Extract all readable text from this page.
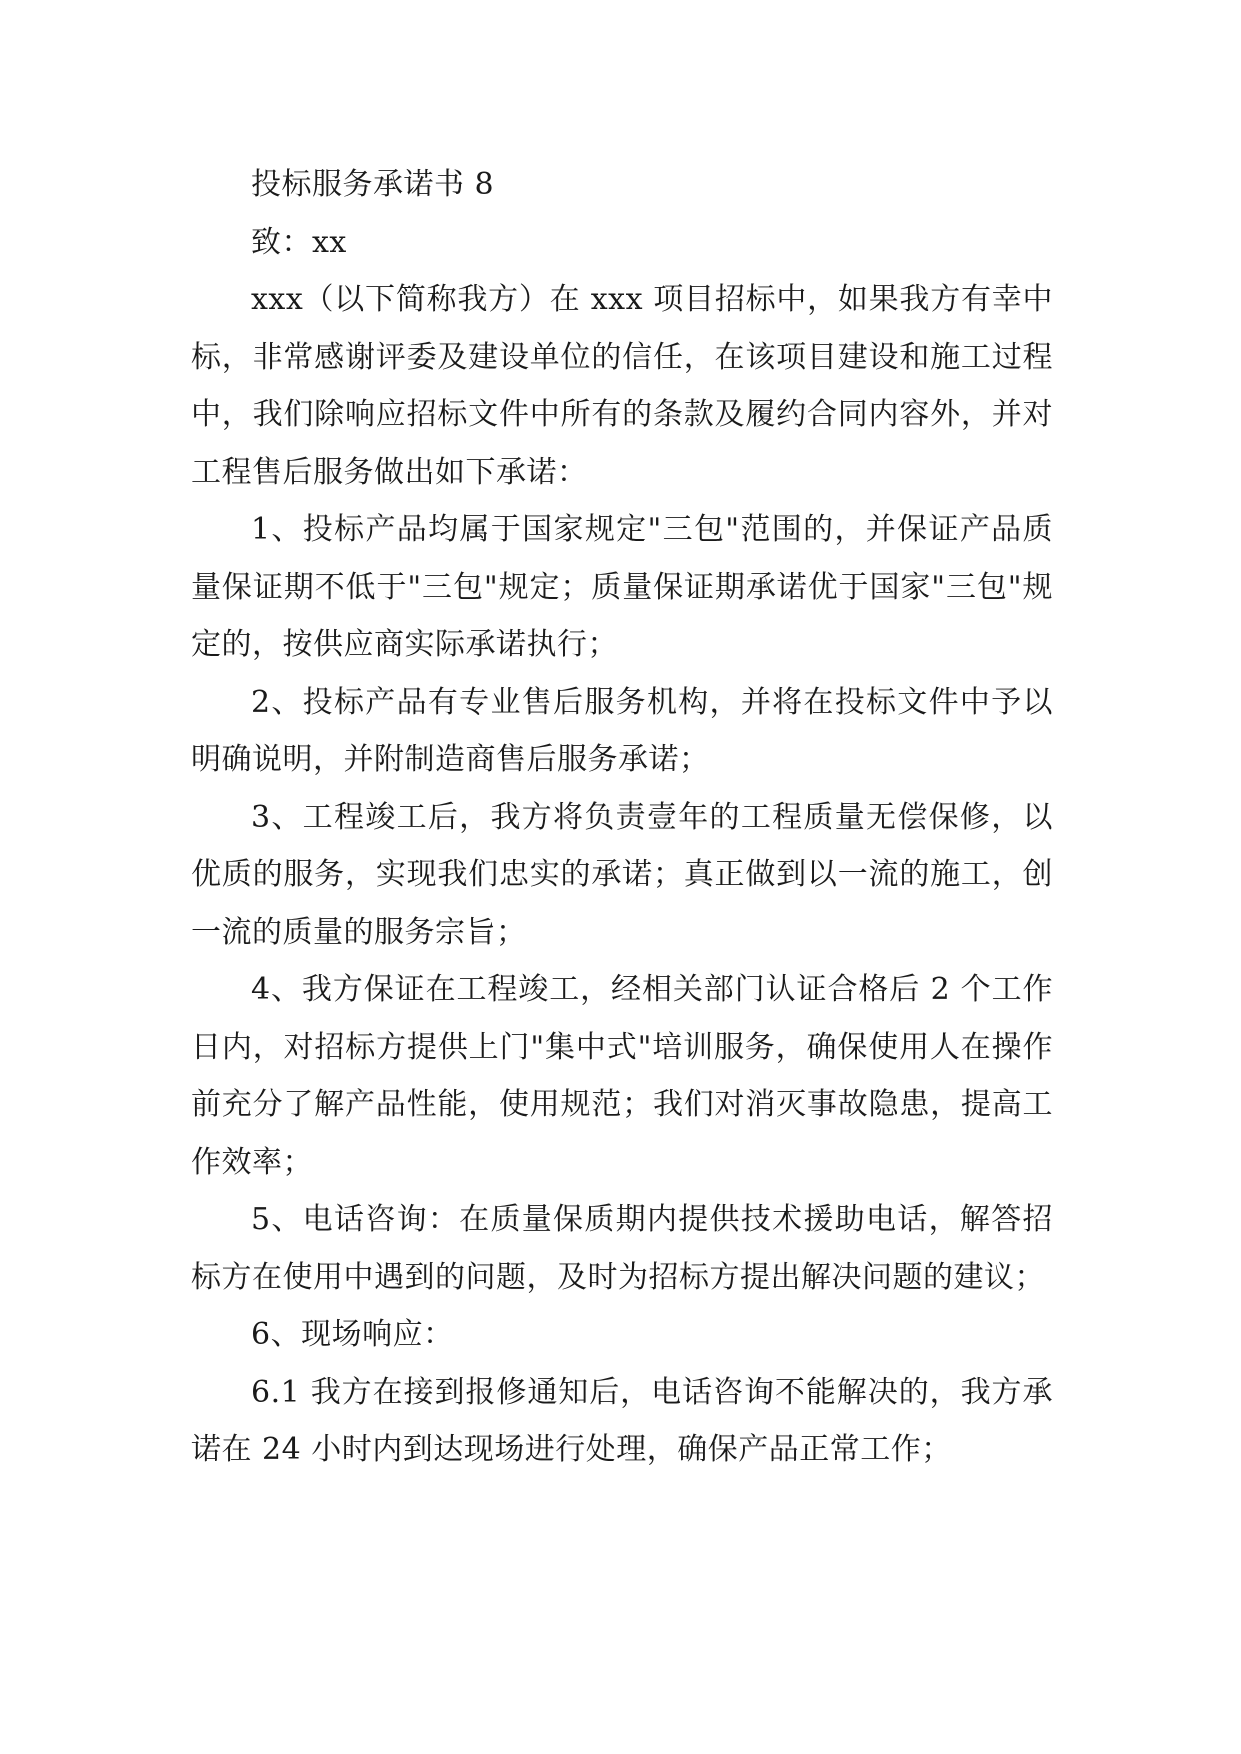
投标服务承诺书 8

致：xx

xxx（以下简称我方）在 xxx 项目招标中，如果我方有幸中标，非常感谢评委及建设单位的信任，在该项目建设和施工过程中，我们除响应招标文件中所有的条款及履约合同内容外，并对工程售后服务做出如下承诺：

1、投标产品均属于国家规定"三包"范围的，并保证产品质量保证期不低于"三包"规定；质量保证期承诺优于国家"三包"规定的，按供应商实际承诺执行；

2、投标产品有专业售后服务机构，并将在投标文件中予以明确说明，并附制造商售后服务承诺；

3、工程竣工后，我方将负责壹年的工程质量无偿保修，以优质的服务，实现我们忠实的承诺；真正做到以一流的施工，创一流的质量的服务宗旨；

4、我方保证在工程竣工，经相关部门认证合格后 2 个工作日内，对招标方提供上门"集中式"培训服务，确保使用人在操作前充分了解产品性能，使用规范；我们对消灭事故隐患，提高工作效率；

5、电话咨询：在质量保质期内提供技术援助电话，解答招标方在使用中遇到的问题，及时为招标方提出解决问题的建议；

6、现场响应：

6.1 我方在接到报修通知后，电话咨询不能解决的，我方承诺在 24 小时内到达现场进行处理，确保产品正常工作；
